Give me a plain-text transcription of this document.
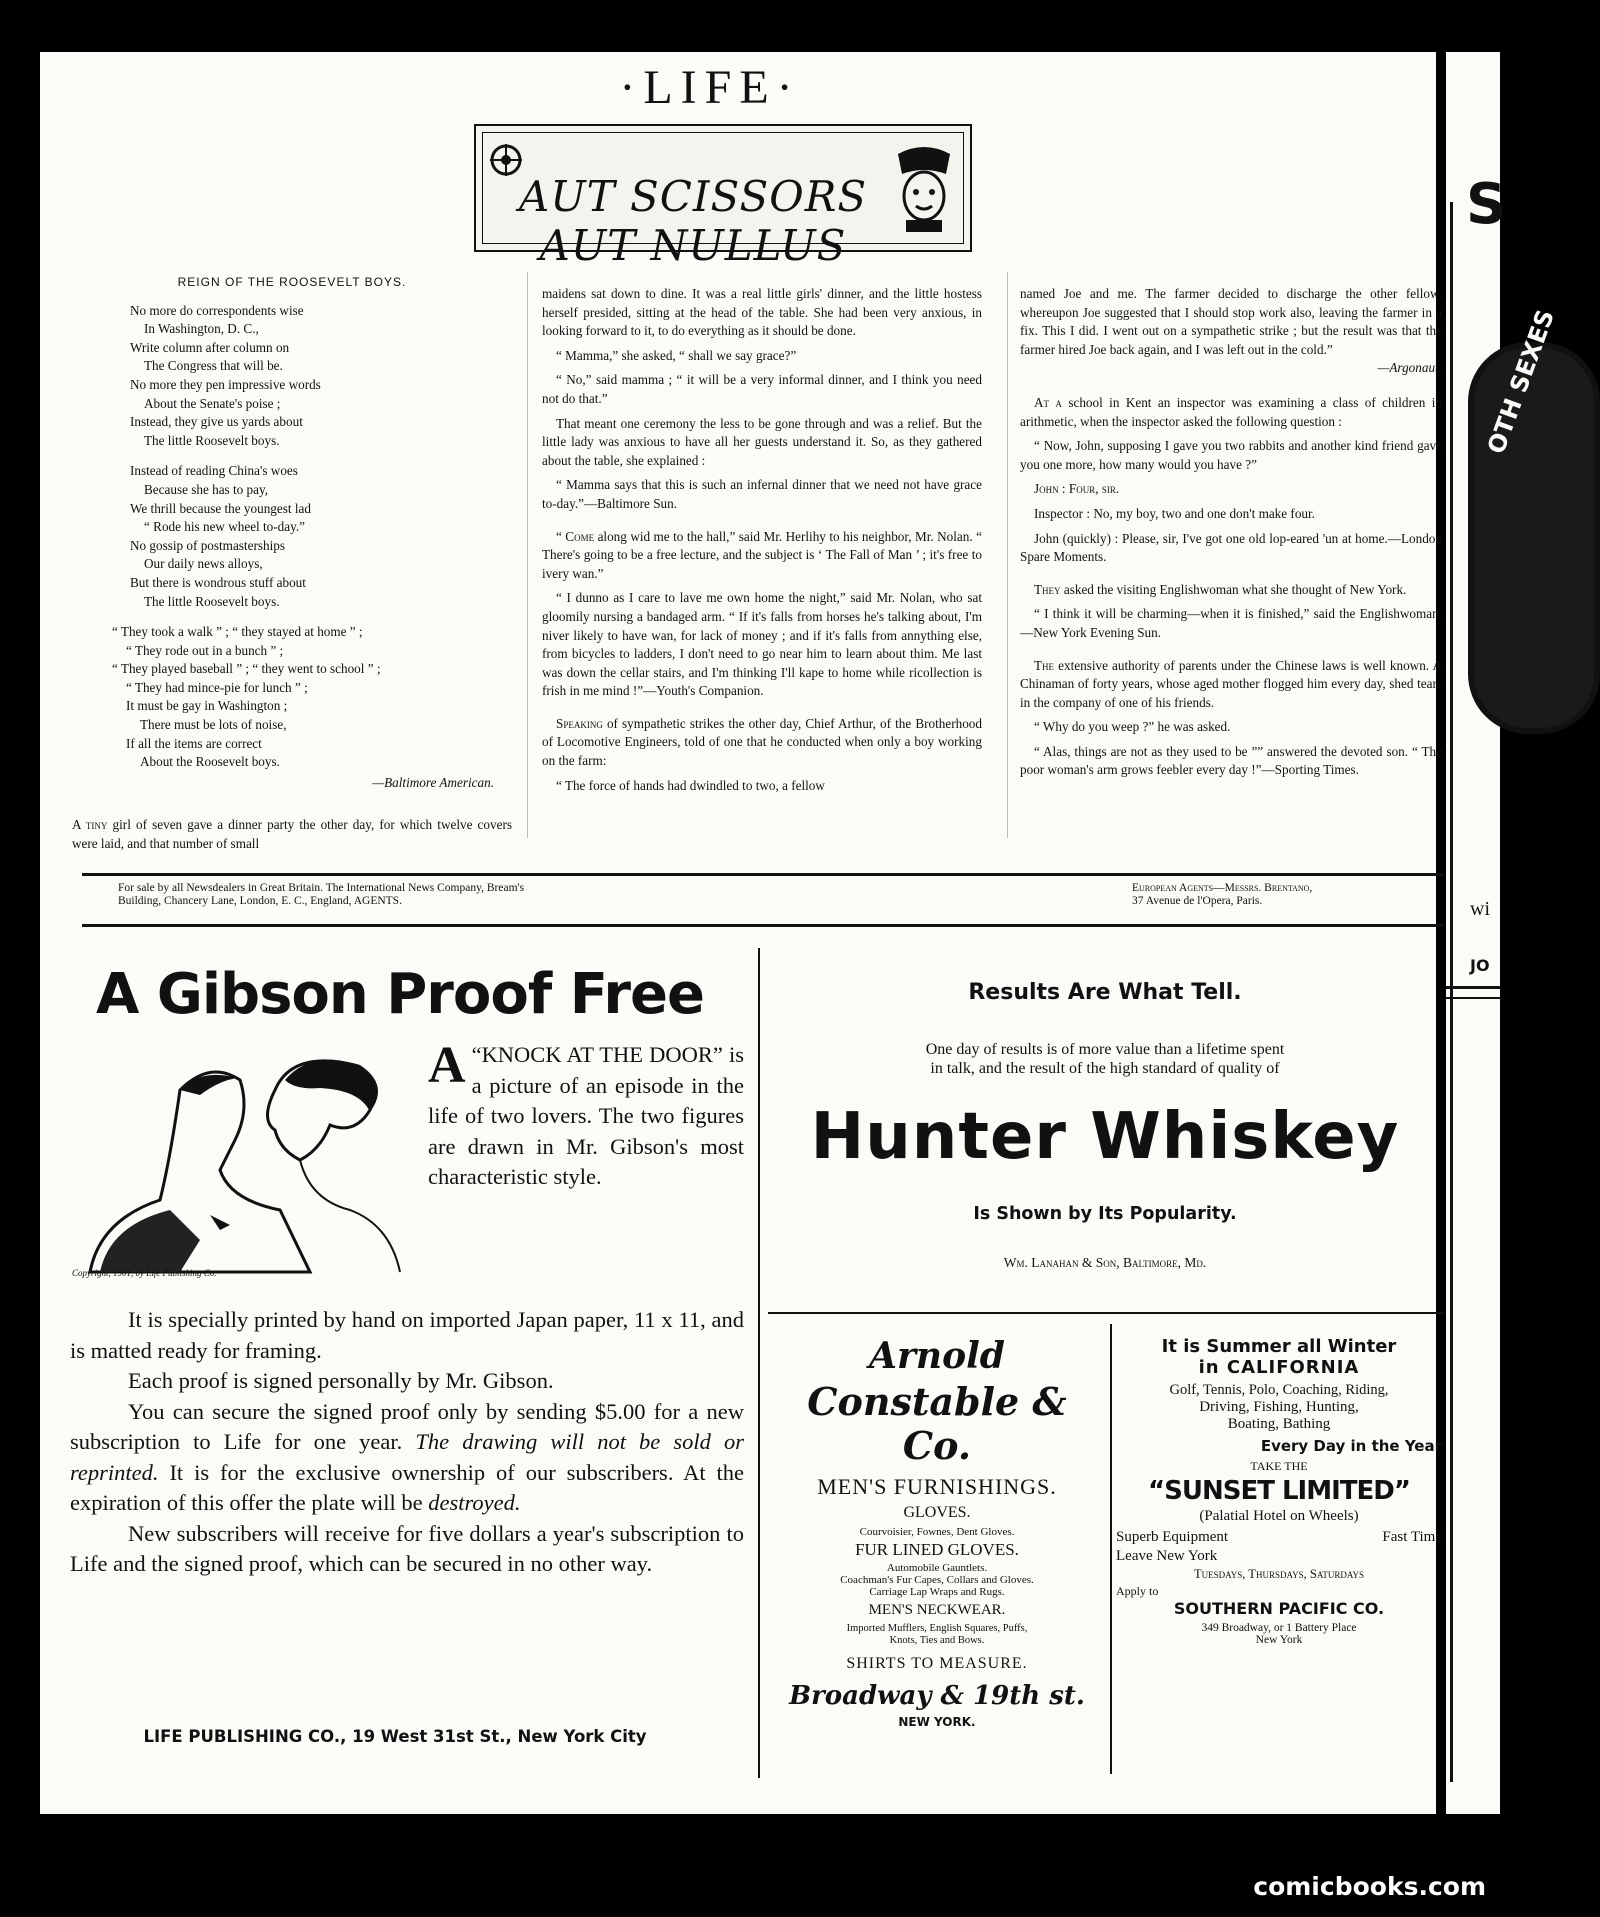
S
OTH SEXES
wi
JO
·LIFE·
AUT SCISSORS AUT NULLUS
REIGN OF THE ROOSEVELT BOYS.

No more do correspondents wise

In Washington, D. C.,

Write column after column on

The Congress that will be.

No more they pen impressive words

About the Senate's poise ;

Instead, they give us yards about

The little Roosevelt boys.

Instead of reading China's woes

Because she has to pay,

We thrill because the youngest lad

“ Rode his new wheel to-day.”

No gossip of postmasterships

Our daily news alloys,

But there is wondrous stuff about

The little Roosevelt boys.

“ They took a walk ” ; “ they stayed at home ” ;

“ They rode out in a bunch ” ;

“ They played baseball ” ; “ they went to school ” ;

“ They had mince-pie for lunch ” ;

It must be gay in Washington ;

There must be lots of noise,

If all the items are correct

About the Roosevelt boys.

—Baltimore American.

A tiny girl of seven gave a dinner party the other day, for which twelve covers were laid, and that number of small

maidens sat down to dine. It was a real little girls' dinner, and the little hostess herself presided, sitting at the head of the table. She had been very anxious, in looking forward to it, to do everything as it should be done.

“ Mamma,” she asked, “ shall we say grace?”

“ No,” said mamma ; “ it will be a very informal dinner, and I think you need not do that.”

That meant one ceremony the less to be gone through and was a relief. But the little lady was anxious to have all her guests understand it. So, as they gathered about the table, she explained :

“ Mamma says that this is such an infernal dinner that we need not have grace to-day.”—Baltimore Sun.

“ Come along wid me to the hall,” said Mr. Herlihy to his neighbor, Mr. Nolan. “ There's going to be a free lecture, and the subject is ‘ The Fall of Man ’ ; it's free to ivery wan.”

“ I dunno as I care to lave me own home the night,” said Mr. Nolan, who sat gloomily nursing a bandaged arm. “ If it's falls from horses he's talking about, I'm niver likely to have wan, for lack of money ; and if it's falls from annything else, from bicycles to ladders, I don't need to go near him to learn about thim. Me last was down the cellar stairs, and I'm thinking I'll kape to home while ricollection is frish in me mind !”—Youth's Companion.

Speaking of sympathetic strikes the other day, Chief Arthur, of the Brotherhood of Locomotive Engineers, told of one that he conducted when only a boy working on the farm:

“ The force of hands had dwindled to two, a fellow

named Joe and me. The farmer decided to discharge the other fellow, whereupon Joe suggested that I should stop work also, leaving the farmer in a fix. This I did. I went out on a sympathetic strike ; but the result was that the farmer hired Joe back again, and I was left out in the cold.”

—Argonaut.

At a school in Kent an inspector was examining a class of children in arithmetic, when the inspector asked the following question :

“ Now, John, supposing I gave you two rabbits and another kind friend gave you one more, how many would you have ?”

John : Four, sir.

Inspector : No, my boy, two and one don't make four.

John (quickly) : Please, sir, I've got one old lop-eared 'un at home.—London Spare Moments.

They asked the visiting Englishwoman what she thought of New York.

“ I think it will be charming—when it is finished,” said the Englishwoman.—New York Evening Sun.

The extensive authority of parents under the Chinese laws is well known. A Chinaman of forty years, whose aged mother flogged him every day, shed tears in the company of one of his friends.

“ Why do you weep ?” he was asked.

“ Alas, things are not as they used to be ”” answered the devoted son. “ The poor woman's arm grows feebler every day !”—Sporting Times.

For sale by all Newsdealers in Great Britain. The International News Company, Bream's Building, Chancery Lane, London, E. C., England, AGENTS.
European Agents—Messrs. Brentano,
37 Avenue de l'Opera, Paris.
A Gibson Proof Free
Copyright, 1901, by Life Publishing Co.

“
A KNOCK AT THE DOOR” is a picture of an episode in the life of two lovers. The two figures are drawn in Mr. Gibson's most characteristic style.

It is specially printed by hand on imported Japan paper, 11 x 11, and is matted ready for framing.

Each proof is signed personally by Mr. Gibson.

You can secure the signed proof only by sending $5.00 for a new subscription to Life for one year. The drawing will not be sold or reprinted. It is for the exclusive ownership of our subscribers. At the expiration of this offer the plate will be destroyed.

New subscribers will receive for five dollars a year's subscription to Life and the signed proof, which can be secured in no other way.

LIFE PUBLISHING CO., 19 West 31st St., New York City
Results Are What Tell.
One day of results is of more value than a lifetime spent
in talk, and the result of the high standard of quality of
Hunter Whiskey
Is Shown by Its Popularity.
Wm. Lanahan & Son, Baltimore, Md.
Arnold
Constable & Co.
MEN'S FURNISHINGS.
GLOVES.
Courvoisier, Fownes, Dent Gloves.
FUR LINED GLOVES.
Automobile Gauntlets.
Coachman's Fur Capes, Collars and Gloves.
Carriage Lap Wraps and Rugs.
MEN'S NECKWEAR.
Imported Mufflers, English Squares, Puffs,
Knots, Ties and Bows.
SHIRTS TO MEASURE.
Broadway & 19th st.
NEW YORK.
It is Summer all Winter
in CALIFORNIA
Golf, Tennis, Polo, Coaching, Riding,
Driving, Fishing, Hunting,
Boating, Bathing
Every Day in the Year
TAKE THE
“SUNSET LIMITED”
(Palatial Hotel on Wheels)
Superb Equipment	Fast Time
Leave New York
Tuesdays, Thursdays, Saturdays
Apply to
SOUTHERN PACIFIC CO.
349 Broadway, or 1 Battery Place
New York
comicbooks.com
